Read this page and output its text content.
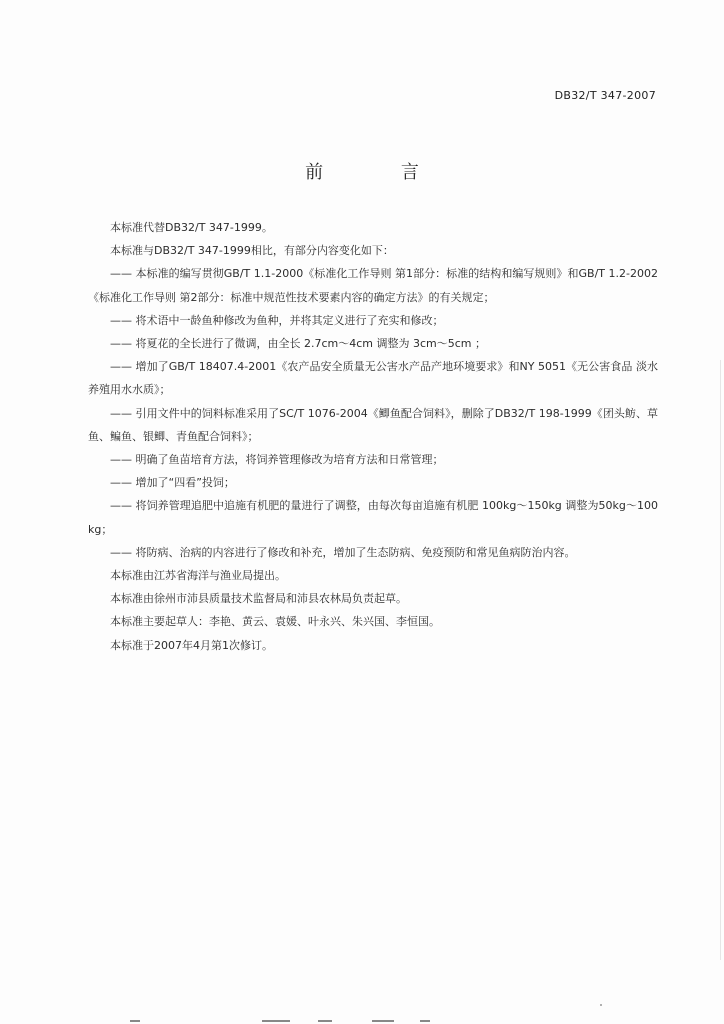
DB32/T 347-2007
前 言

本标准代替DB32/T 347-1999。

本标准与DB32/T 347-1999相比，有部分内容变化如下：

—— 本标准的编写贯彻GB/T 1.1-2000《标准化工作导则 第1部分：标准的结构和编写规则》和GB/T 1.2-2002《标准化工作导则 第2部分：标准中规范性技术要素内容的确定方法》的有关规定；

—— 将术语中一龄鱼种修改为鱼种，并将其定义进行了充实和修改；

—— 将夏花的全长进行了微调，由全长 2.7cm～4cm 调整为 3cm～5cm ；

—— 增加了GB/T 18407.4-2001《农产品安全质量无公害水产品产地环境要求》和NY 5051《无公害食品 淡水养殖用水水质》；

—— 引用文件中的饲料标准采用了SC/T 1076-2004《鲫鱼配合饲料》，删除了DB32/T 198-1999《团头鲂、草鱼、鳊鱼、银鲫、青鱼配合饲料》；

—— 明确了鱼苗培育方法，将饲养管理修改为培育方法和日常管理；

—— 增加了“四看”投饲；

—— 将饲养管理追肥中追施有机肥的量进行了调整，由每次每亩追施有机肥 100kg～150kg 调整为50kg～100kg；

—— 将防病、治病的内容进行了修改和补充，增加了生态防病、免疫预防和常见鱼病防治内容。

本标准由江苏省海洋与渔业局提出。

本标准由徐州市沛县质量技术监督局和沛县农林局负责起草。

本标准主要起草人：李艳、黄云、袁媛、叶永兴、朱兴国、李恒国。

本标准于2007年4月第1次修订。
